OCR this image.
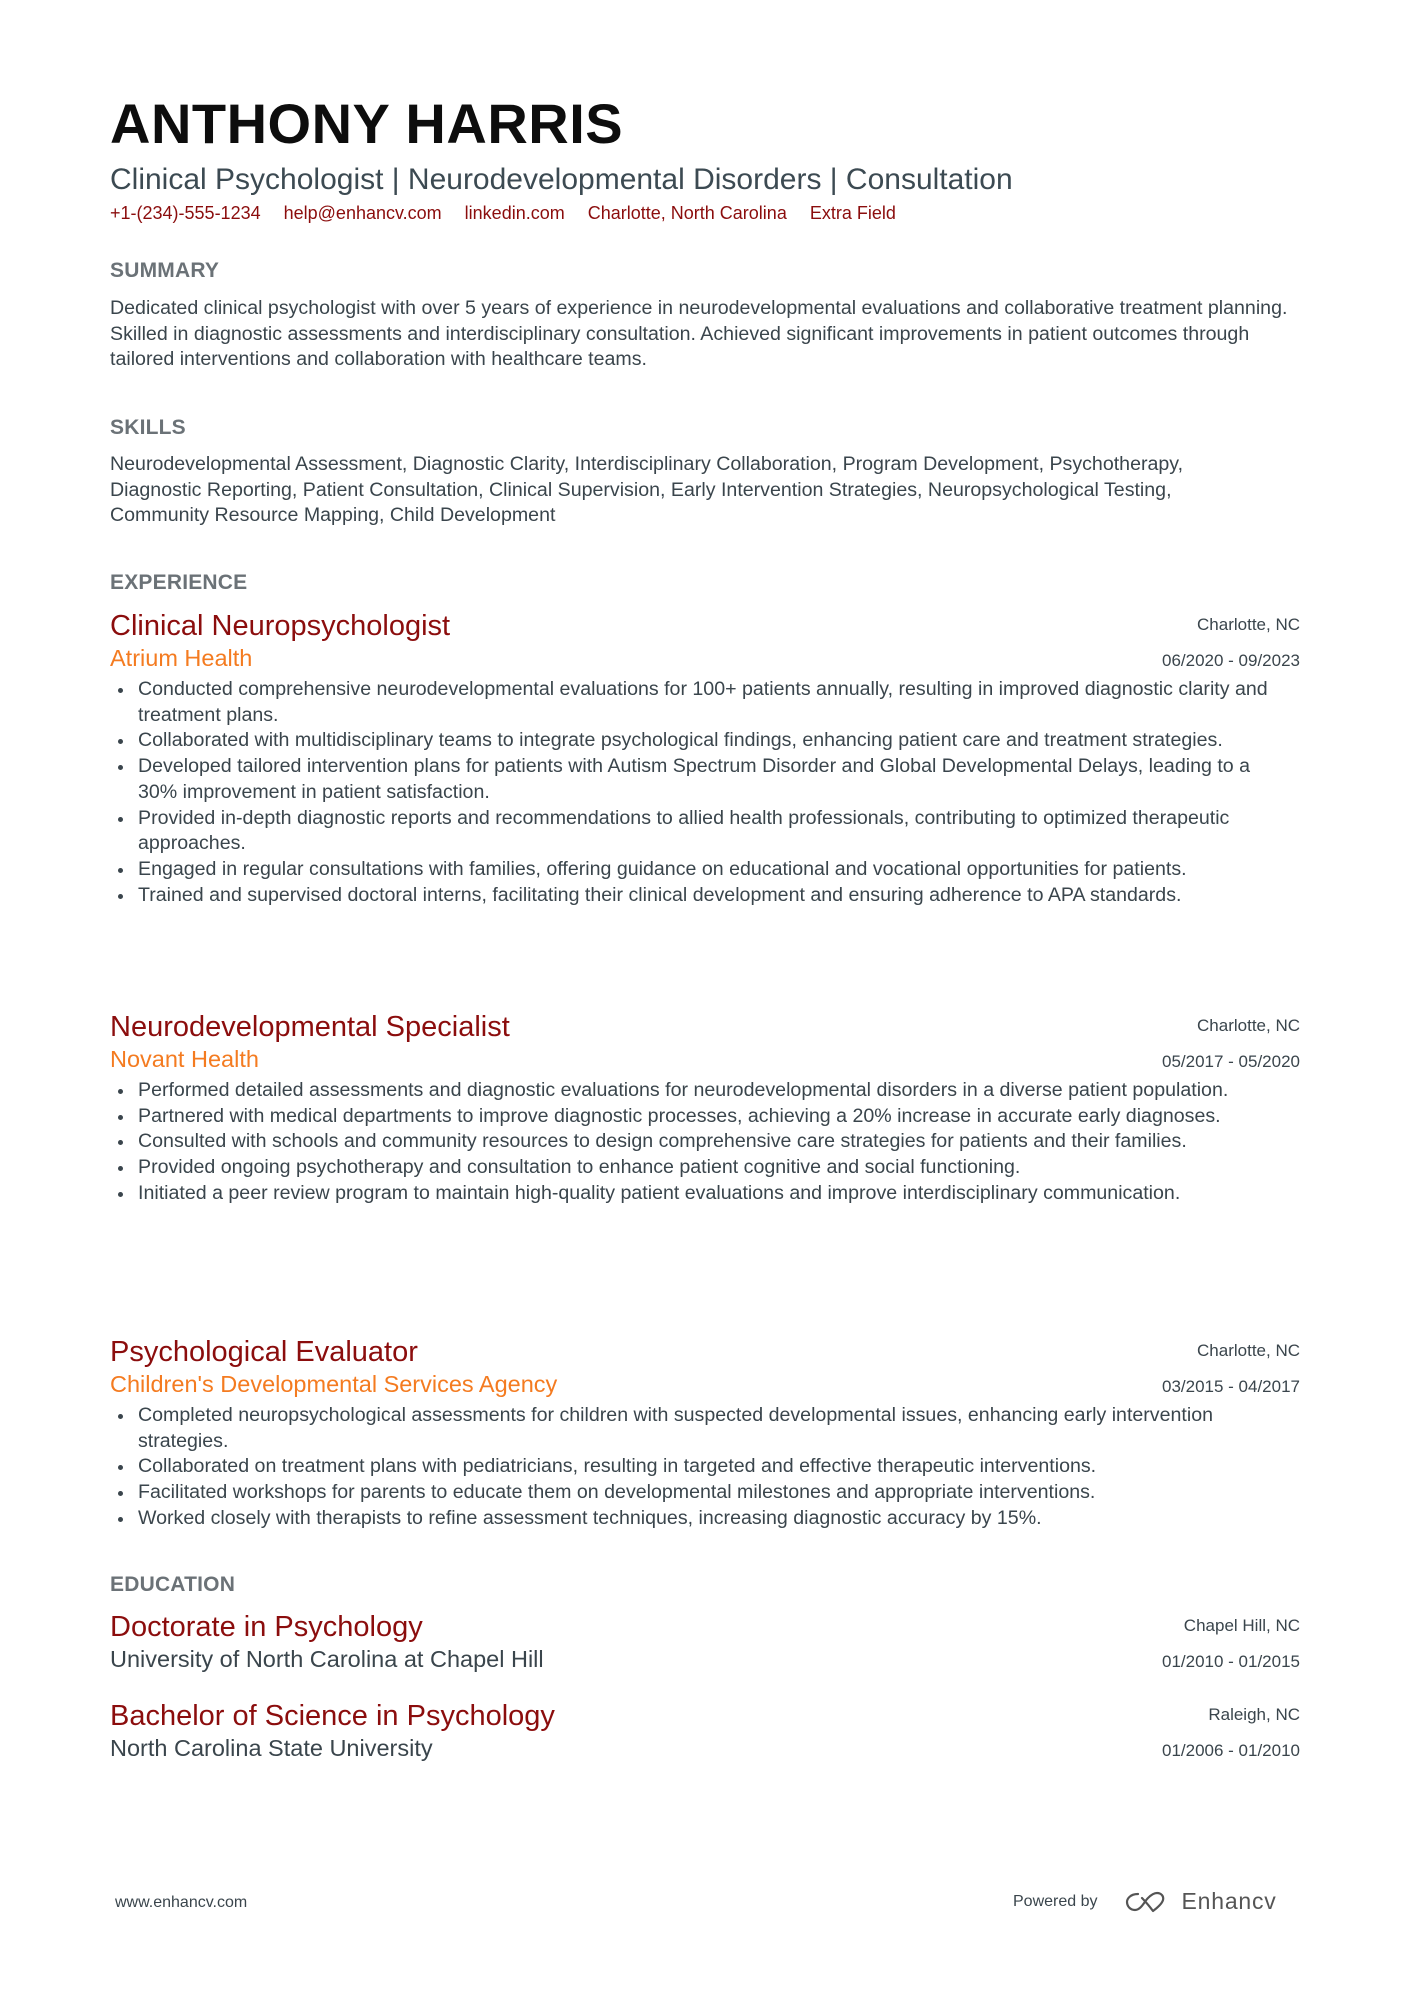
ANTHONY HARRIS
Clinical Psychologist | Neurodevelopmental Disorders | Consultation
+1-(234)-555-1234 help@enhancv.com linkedin.com Charlotte, North Carolina Extra Field
SUMMARY
Dedicated clinical psychologist with over 5 years of experience in neurodevelopmental evaluations and collaborative treatment planning. Skilled in diagnostic assessments and interdisciplinary consultation. Achieved significant improvements in patient outcomes through tailored interventions and collaboration with healthcare teams.
SKILLS
Neurodevelopmental Assessment, Diagnostic Clarity, Interdisciplinary Collaboration, Program Development, Psychotherapy, Diagnostic Reporting, Patient Consultation, Clinical Supervision, Early Intervention Strategies, Neuropsychological Testing, Community Resource Mapping, Child Development
EXPERIENCE
Clinical Neuropsychologist
Atrium Health
Charlotte, NC
06/2020 - 09/2023
Conducted comprehensive neurodevelopmental evaluations for 100+ patients annually, resulting in improved diagnostic clarity and treatment plans.
Collaborated with multidisciplinary teams to integrate psychological findings, enhancing patient care and treatment strategies.
Developed tailored intervention plans for patients with Autism Spectrum Disorder and Global Developmental Delays, leading to a 30% improvement in patient satisfaction.
Provided in-depth diagnostic reports and recommendations to allied health professionals, contributing to optimized therapeutic approaches.
Engaged in regular consultations with families, offering guidance on educational and vocational opportunities for patients.
Trained and supervised doctoral interns, facilitating their clinical development and ensuring adherence to APA standards.
Neurodevelopmental Specialist
Novant Health
Charlotte, NC
05/2017 - 05/2020
Performed detailed assessments and diagnostic evaluations for neurodevelopmental disorders in a diverse patient population.
Partnered with medical departments to improve diagnostic processes, achieving a 20% increase in accurate early diagnoses.
Consulted with schools and community resources to design comprehensive care strategies for patients and their families.
Provided ongoing psychotherapy and consultation to enhance patient cognitive and social functioning.
Initiated a peer review program to maintain high-quality patient evaluations and improve interdisciplinary communication.
Psychological Evaluator
Children's Developmental Services Agency
Charlotte, NC
03/2015 - 04/2017
Completed neuropsychological assessments for children with suspected developmental issues, enhancing early intervention strategies.
Collaborated on treatment plans with pediatricians, resulting in targeted and effective therapeutic interventions.
Facilitated workshops for parents to educate them on developmental milestones and appropriate interventions.
Worked closely with therapists to refine assessment techniques, increasing diagnostic accuracy by 15%.
EDUCATION
Doctorate in Psychology
University of North Carolina at Chapel Hill
Chapel Hill, NC
01/2010 - 01/2015
Bachelor of Science in Psychology
North Carolina State University
Raleigh, NC
01/2006 - 01/2010
www.enhancv.com	Powered by	Enhancv
